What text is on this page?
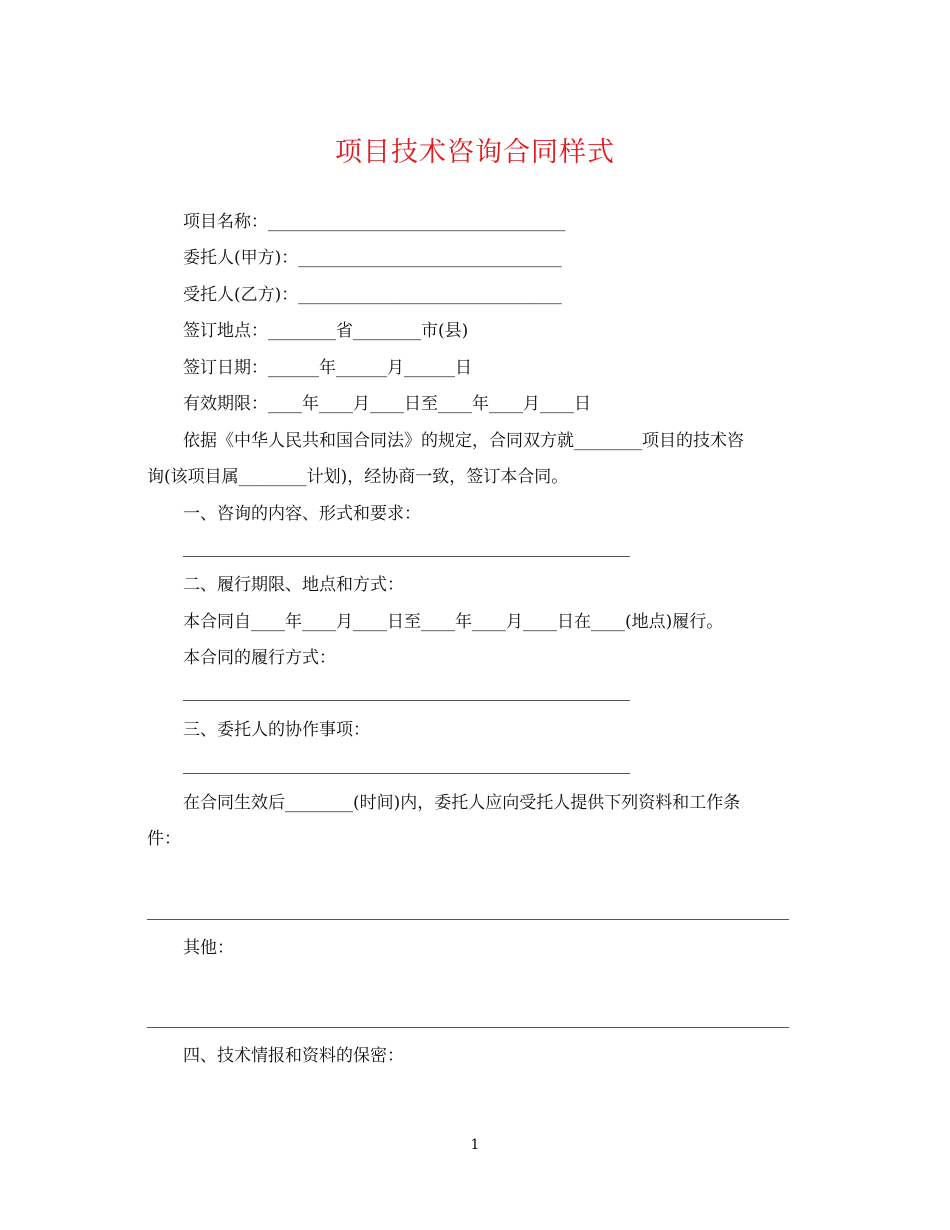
项目技术咨询合同样式
项目名称：___________________________________
委托人(甲方)：_______________________________
受托人(乙方)：_______________________________
签订地点：________省________市(县)
签订日期：______年______月______日
有效期限：____年____月____日至____年____月____日
依据《中华人民共和国合同法》的规定，合同双方就________项目的技术咨
询(该项目属________计划)，经协商一致，签订本合同。
一、咨询的内容、形式和要求：
二、履行期限、地点和方式：
本合同自____年____月____日至____年____月____日在____(地点)履行。
本合同的履行方式：
三、委托人的协作事项：
在合同生效后________(时间)内，委托人应向受托人提供下列资料和工作条
件：
其他：
四、技术情报和资料的保密：
1
